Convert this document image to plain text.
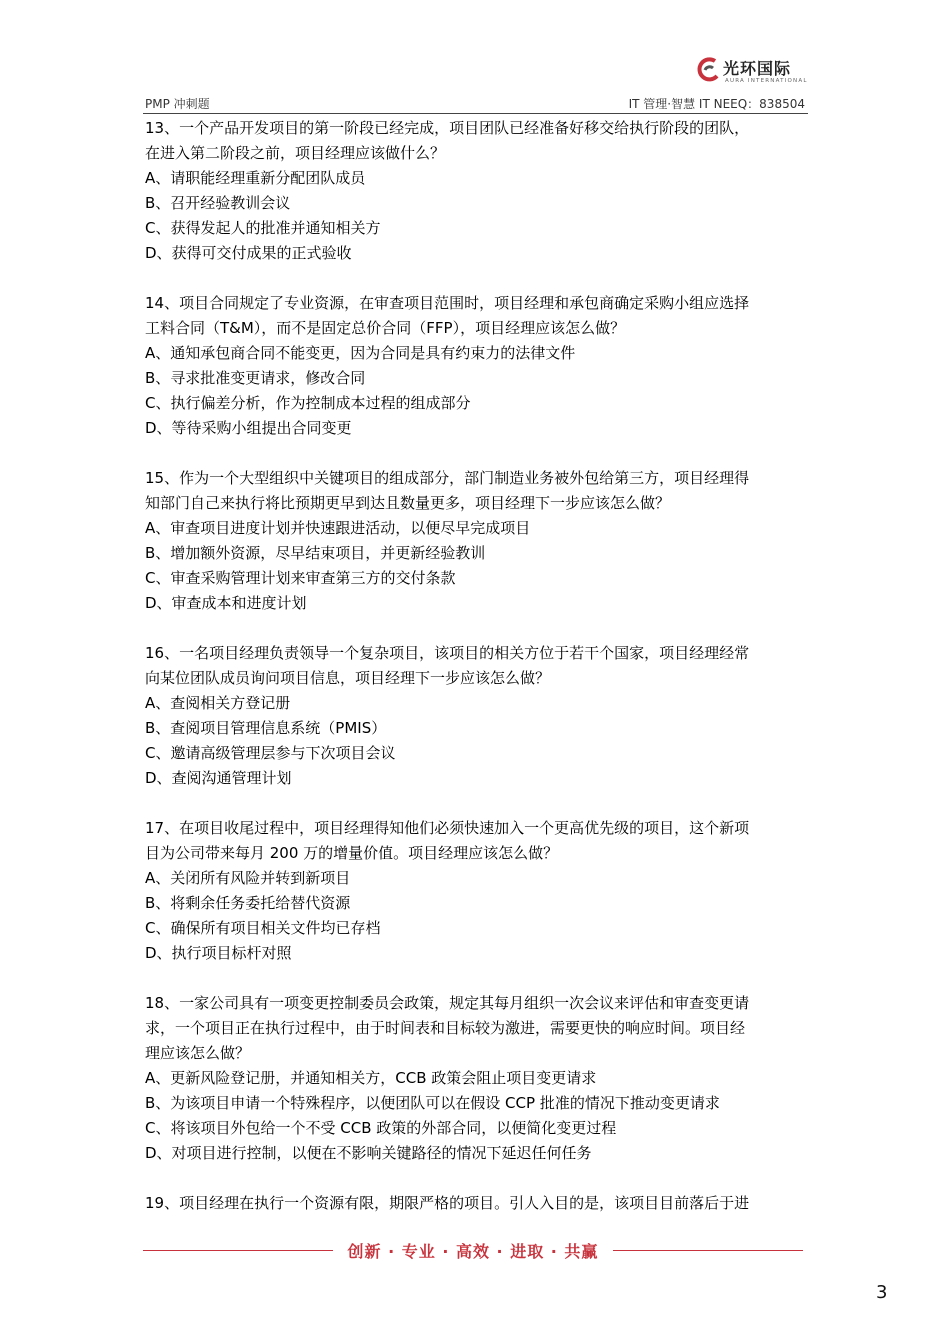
光环国际
AURA INTERNATIONAL
PMP 冲刺题	IT 管理·智慧 IT NEEQ：838504
13、一个产品开发项目的第一阶段已经完成，项目团队已经准备好移交给执行阶段的团队，
在进入第二阶段之前，项目经理应该做什么？
A、请职能经理重新分配团队成员
B、召开经验教训会议
C、获得发起人的批准并通知相关方
D、获得可交付成果的正式验收
14、项目合同规定了专业资源，在审查项目范围时，项目经理和承包商确定采购小组应选择
工料合同（T&M），而不是固定总价合同（FFP），项目经理应该怎么做？
A、通知承包商合同不能变更，因为合同是具有约束力的法律文件
B、寻求批准变更请求，修改合同
C、执行偏差分析，作为控制成本过程的组成部分
D、等待采购小组提出合同变更
15、作为一个大型组织中关键项目的组成部分，部门制造业务被外包给第三方，项目经理得
知部门自己来执行将比预期更早到达且数量更多，项目经理下一步应该怎么做？
A、审查项目进度计划并快速跟进活动，以便尽早完成项目
B、增加额外资源，尽早结束项目，并更新经验教训
C、审查采购管理计划来审查第三方的交付条款
D、审查成本和进度计划
16、一名项目经理负责领导一个复杂项目，该项目的相关方位于若干个国家，项目经理经常
向某位团队成员询问项目信息，项目经理下一步应该怎么做？
A、查阅相关方登记册
B、查阅项目管理信息系统（PMIS）
C、邀请高级管理层参与下次项目会议
D、查阅沟通管理计划
17、在项目收尾过程中，项目经理得知他们必须快速加入一个更高优先级的项目，这个新项
目为公司带来每月 200 万的增量价值。项目经理应该怎么做？
A、关闭所有风险并转到新项目
B、将剩余任务委托给替代资源
C、确保所有项目相关文件均已存档
D、执行项目标杆对照
18、一家公司具有一项变更控制委员会政策，规定其每月组织一次会议来评估和审查变更请
求，一个项目正在执行过程中，由于时间表和目标较为激进，需要更快的响应时间。项目经
理应该怎么做？
A、更新风险登记册，并通知相关方，CCB 政策会阻止项目变更请求
B、为该项目申请一个特殊程序，以便团队可以在假设 CCP 批准的情况下推动变更请求
C、将该项目外包给一个不受 CCB 政策的外部合同，以便简化变更过程
D、对项目进行控制，以便在不影响关键路径的情况下延迟任何任务
19、项目经理在执行一个资源有限，期限严格的项目。引人入目的是，该项目目前落后于进
创新 · 专业 · 高效 · 进取 · 共赢
3
